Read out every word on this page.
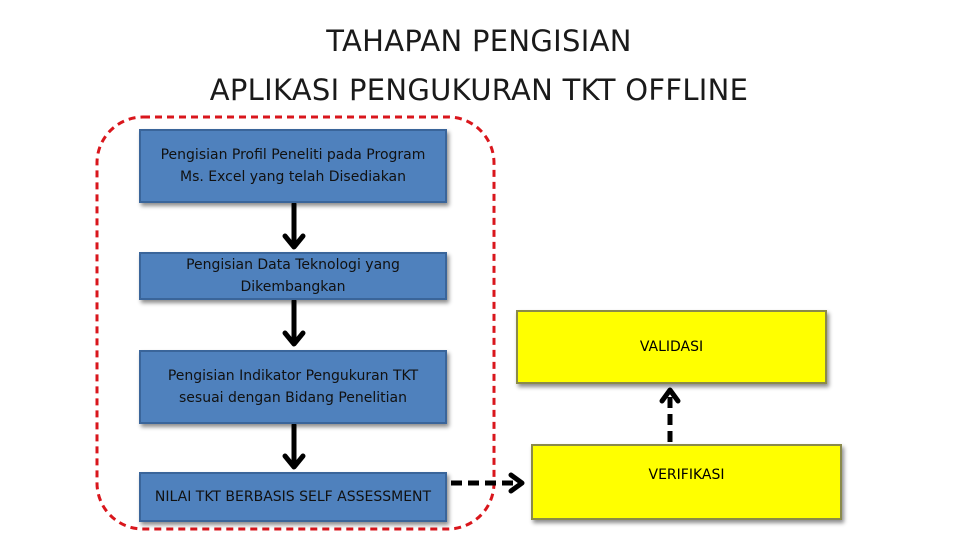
TAHAPAN PENGISIAN
APLIKASI PENGUKURAN TKT OFFLINE
Pengisian Profil Peneliti pada Program Ms. Excel yang telah Disediakan
Pengisian Data Teknologi yang Dikembangkan
Pengisian Indikator Pengukuran TKT sesuai dengan Bidang Penelitian
NILAI TKT BERBASIS SELF ASSESSMENT
VALIDASI
VERIFIKASI
